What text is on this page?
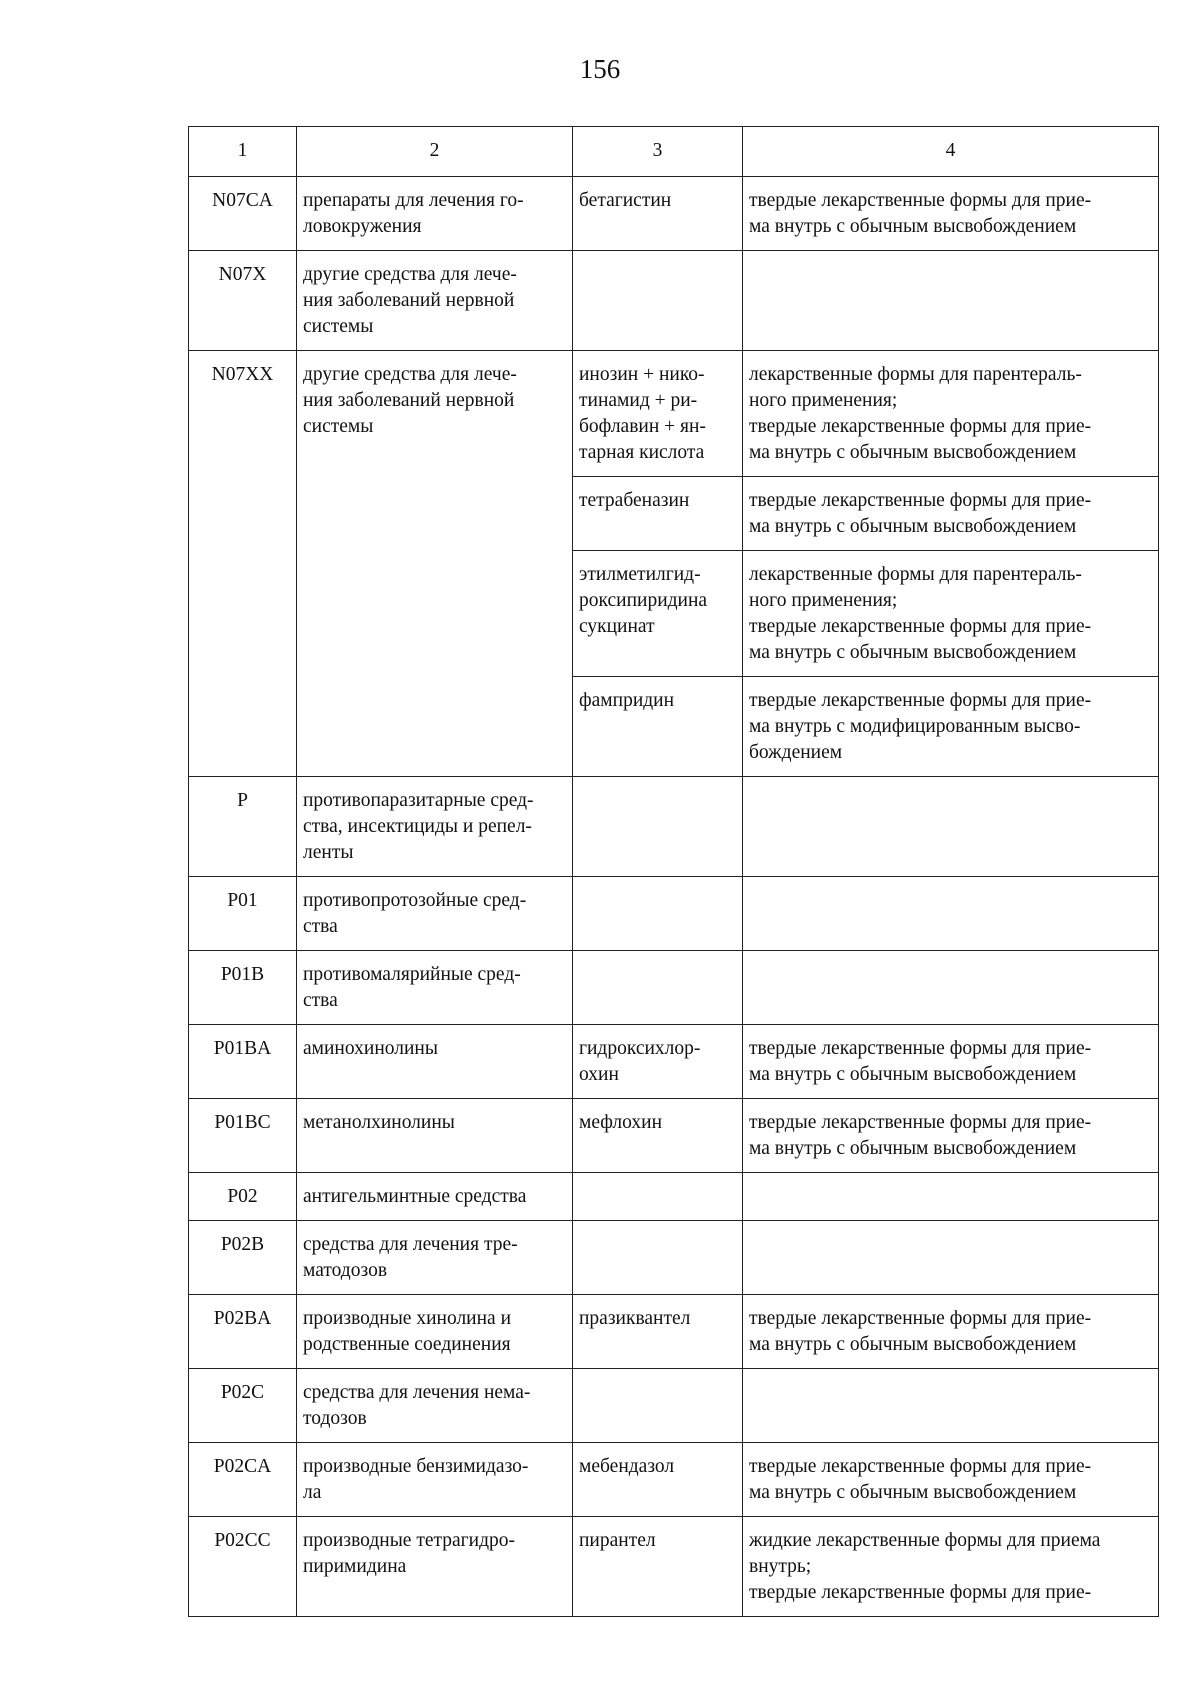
156
1	2	3	4
N07CA	препараты для лечения го-
ловокружения	бетагистин	твердые лекарственные формы для прие-
ма внутрь с обычным высвобождением

N07X	другие средства для лече-
ния заболеваний нервной
системы		

N07XX	другие средства для лече-
ния заболеваний нервной
системы	инозин + нико-
тинамид + ри-
бофлавин + ян-
тарная кислота	лекарственные формы для парентераль-
ного применения;
твердые лекарственные формы для прие-
ма внутрь с обычным высвобождением

		тетрабеназин	твердые лекарственные формы для прие-
ма внутрь с обычным высвобождением

		этилметилгид-
роксипиридина
сукцинат	лекарственные формы для парентераль-
ного применения;
твердые лекарственные формы для прие-
ма внутрь с обычным высвобождением

		фампридин	твердые лекарственные формы для прие-
ма внутрь с модифицированным высво-
бождением

P	противопаразитарные сред-
ства, инсектициды и репел-
ленты		

P01	противопротозойные сред-
ства		

P01B	противомалярийные сред-
ства		

P01BA	аминохинолины	гидроксихлор-
охин	твердые лекарственные формы для прие-
ма внутрь с обычным высвобождением

P01BC	метанолхинолины	мефлохин	твердые лекарственные формы для прие-
ма внутрь с обычным высвобождением

P02	антигельминтные средства		

P02B	средства для лечения тре-
матодозов		

P02BA	производные хинолина и
родственные соединения	празиквантел	твердые лекарственные формы для прие-
ма внутрь с обычным высвобождением

P02C	средства для лечения нема-
тодозов		

P02CA	производные бензимидазо-
ла	мебендазол	твердые лекарственные формы для прие-
ма внутрь с обычным высвобождением

P02CC	производные тетрагидро-
пиримидина	пирантел	жидкие лекарственные формы для приема
внутрь;
твердые лекарственные формы для прие-
